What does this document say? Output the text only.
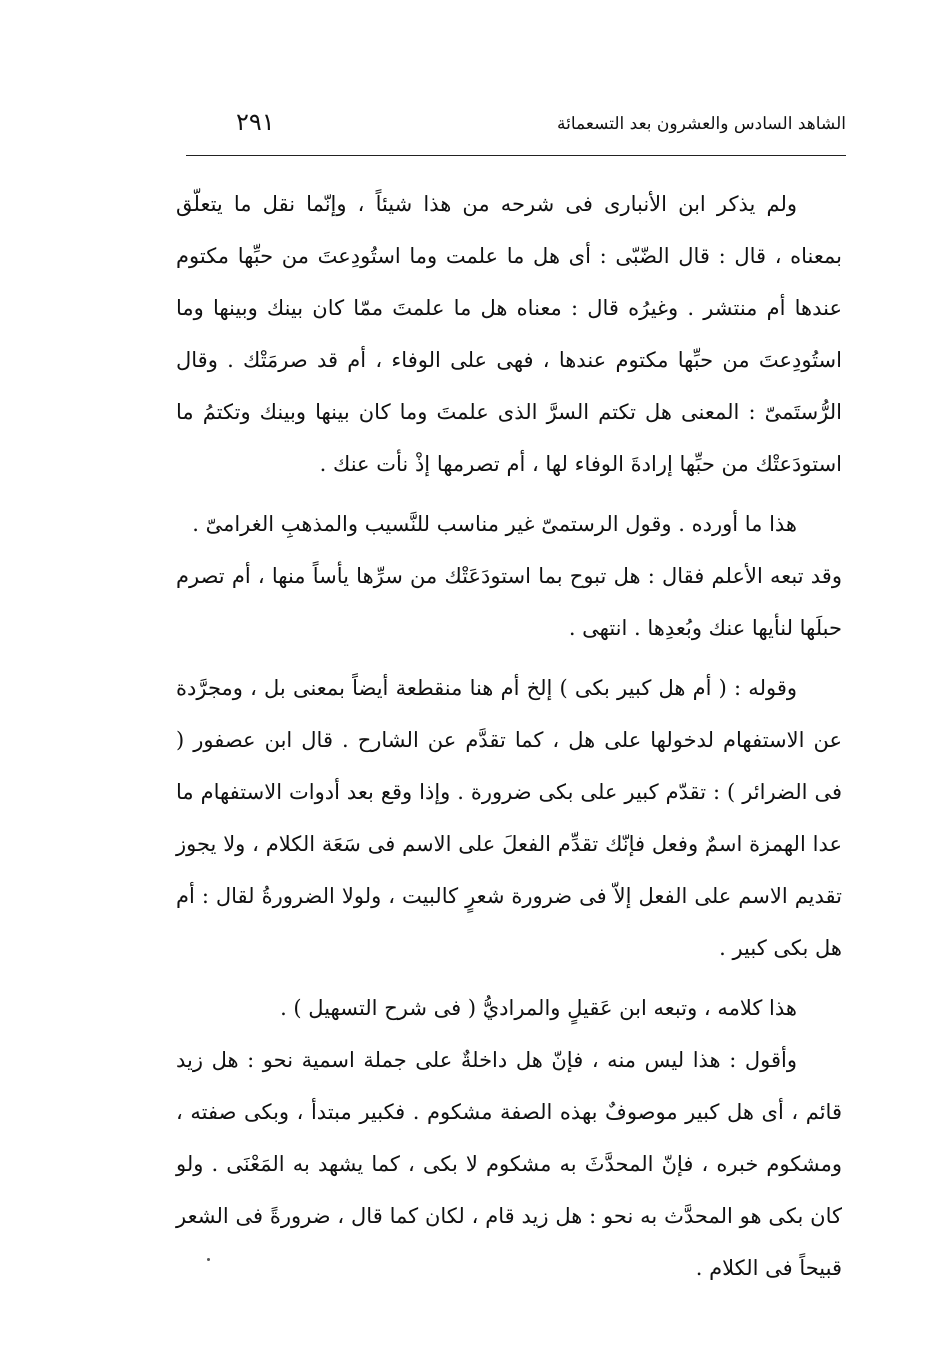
الشاهد السادس والعشرون بعد التسعمائة
٢٩١

ولم يذكر ابن الأنبارى فى شرحه من هذا شيئاً ، وإنّما نقل ما يتعلّق بمعناه ، قال : قال الضّبّى : أى هل ما علمت وما استُودِعتَ من حبِّها مكتوم عندها أم منتشر . وغيرُه قال : معناه هل ما علمتَ ممّا كان بينك وبينها وما استُودِعتَ من حبِّها مكتوم عندها ، فهى على الوفاء ، أم قد صرمَتْك . وقال الرُّستَمىّ : المعنى هل تكتم السرَّ الذى علمتَ وما كان بينها وبينك وتكتمُ ما استودَعتْك من حبِّها إرادةَ الوفاء لها ، أم تصرمها إذْ نأت عنك .

هذا ما أورده . وقول الرستمىّ غير مناسب للنَّسيب والمذهبِ الغرامىّ .

وقد تبعه الأعلم فقال : هل تبوح بما استودَعَتْك من سرِّها يأساً منها ، أم تصرم حبلَها لنأيها عنك وبُعدِها . انتهى .

وقوله : ( أم هل كبير بكى ) إلخ أم هنا منقطعة أيضاً بمعنى بل ، ومجرَّدة عن الاستفهام لدخولها على هل ، كما تقدَّم عن الشارح . قال ابن عصفور ( فى الضرائر ) : تقدّم كبير على بكى ضرورة . وإذا وقع بعد أدوات الاستفهام ما عدا الهمزة اسمٌ وفعل فإنّك تقدِّم الفعلَ على الاسم فى سَعَة الكلام ، ولا يجوز تقديم الاسم على الفعل إلاّ فى ضرورة شعرٍ كالبيت ، ولولا الضرورةُ لقال : أم هل بكى كبير .

هذا كلامه ، وتبعه ابن عَقيلٍ والمراديُّ ( فى شرح التسهيل ) .

وأقول : هذا ليس منه ، فإنّ هل داخلةٌ على جملة اسمية نحو : هل زيد قائم ، أى هل كبير موصوفٌ بهذه الصفة مشكوم . فكبير مبتدأ ، وبكى صفته ، ومشكوم خبره ، فإنّ المحدَّثَ به مشكوم لا بكى ، كما يشهد به المَعْنَى . ولو كان بكى هو المحدَّث به نحو : هل زيد قام ، لكان كما قال ، ضرورةً فى الشعر قبيحاً فى الكلام .
